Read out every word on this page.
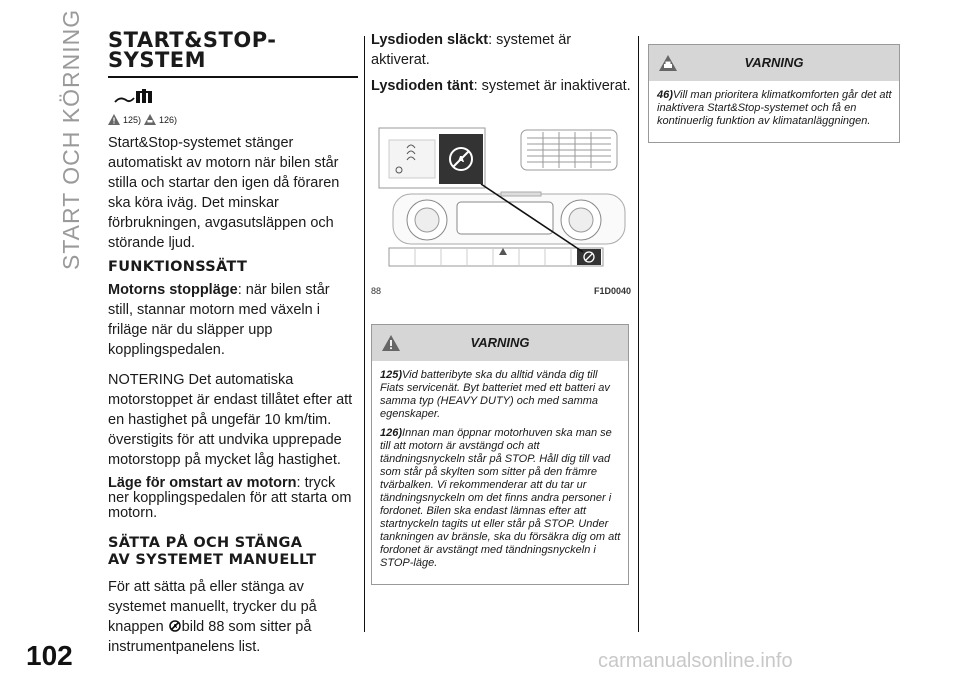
START OCH KÖRNING
102	carmanualsonline.info
START&STOP-
SYSTEM
125) 126)

Start&Stop-systemet stänger automatiskt av motorn när bilen står stilla och startar den igen då föraren ska köra iväg. Det minskar förbrukningen, avgasutsläppen och störande ljud.

FUNKTIONSSÄTT

Motorns stoppläge: när bilen står still, stannar motorn med växeln i friläge när du släpper upp kopplingspedalen.

NOTERING Det automatiska motorstoppet är endast tillåtet efter att en hastighet på ungefär 10 km/tim. överstigits för att undvika upprepade motorstopp på mycket låg hastighet.

Läge för omstart av motorn: tryck ner kopplingspedalen för att starta om motorn.

SÄTTA PÅ OCH STÄNGA
AV SYSTEMET MANUELLT

För att sätta på eller stänga av systemet manuellt, trycker du på knappen A bild 88 som sitter på instrumentpanelens list.

Lysdioden släckt: systemet är aktiverat.

Lysdioden tänt: systemet är inaktiverat.

A
88	F1D0040
VARNING

125)Vid batteribyte ska du alltid vända dig till Fiats servicenät. Byt batteriet med ett batteri av samma typ (HEAVY DUTY) och med samma egenskaper.

126)Innan man öppnar motorhuven ska man se till att motorn är avstängd och att tändningsnyckeln står på STOP. Håll dig till vad som står på skylten som sitter på den främre tvärbalken. Vi rekommenderar att du tar ur tändningsnyckeln om det finns andra personer i fordonet. Bilen ska endast lämnas efter att startnyckeln tagits ut eller står på STOP. Under tankningen av bränsle, ska du försäkra dig om att fordonet är avstängt med tändningsnyckeln i STOP-läge.

VARNING

46)Vill man prioritera klimatkomforten går det att inaktivera Start&Stop-systemet och få en kontinuerlig funktion av klimatanläggningen.
